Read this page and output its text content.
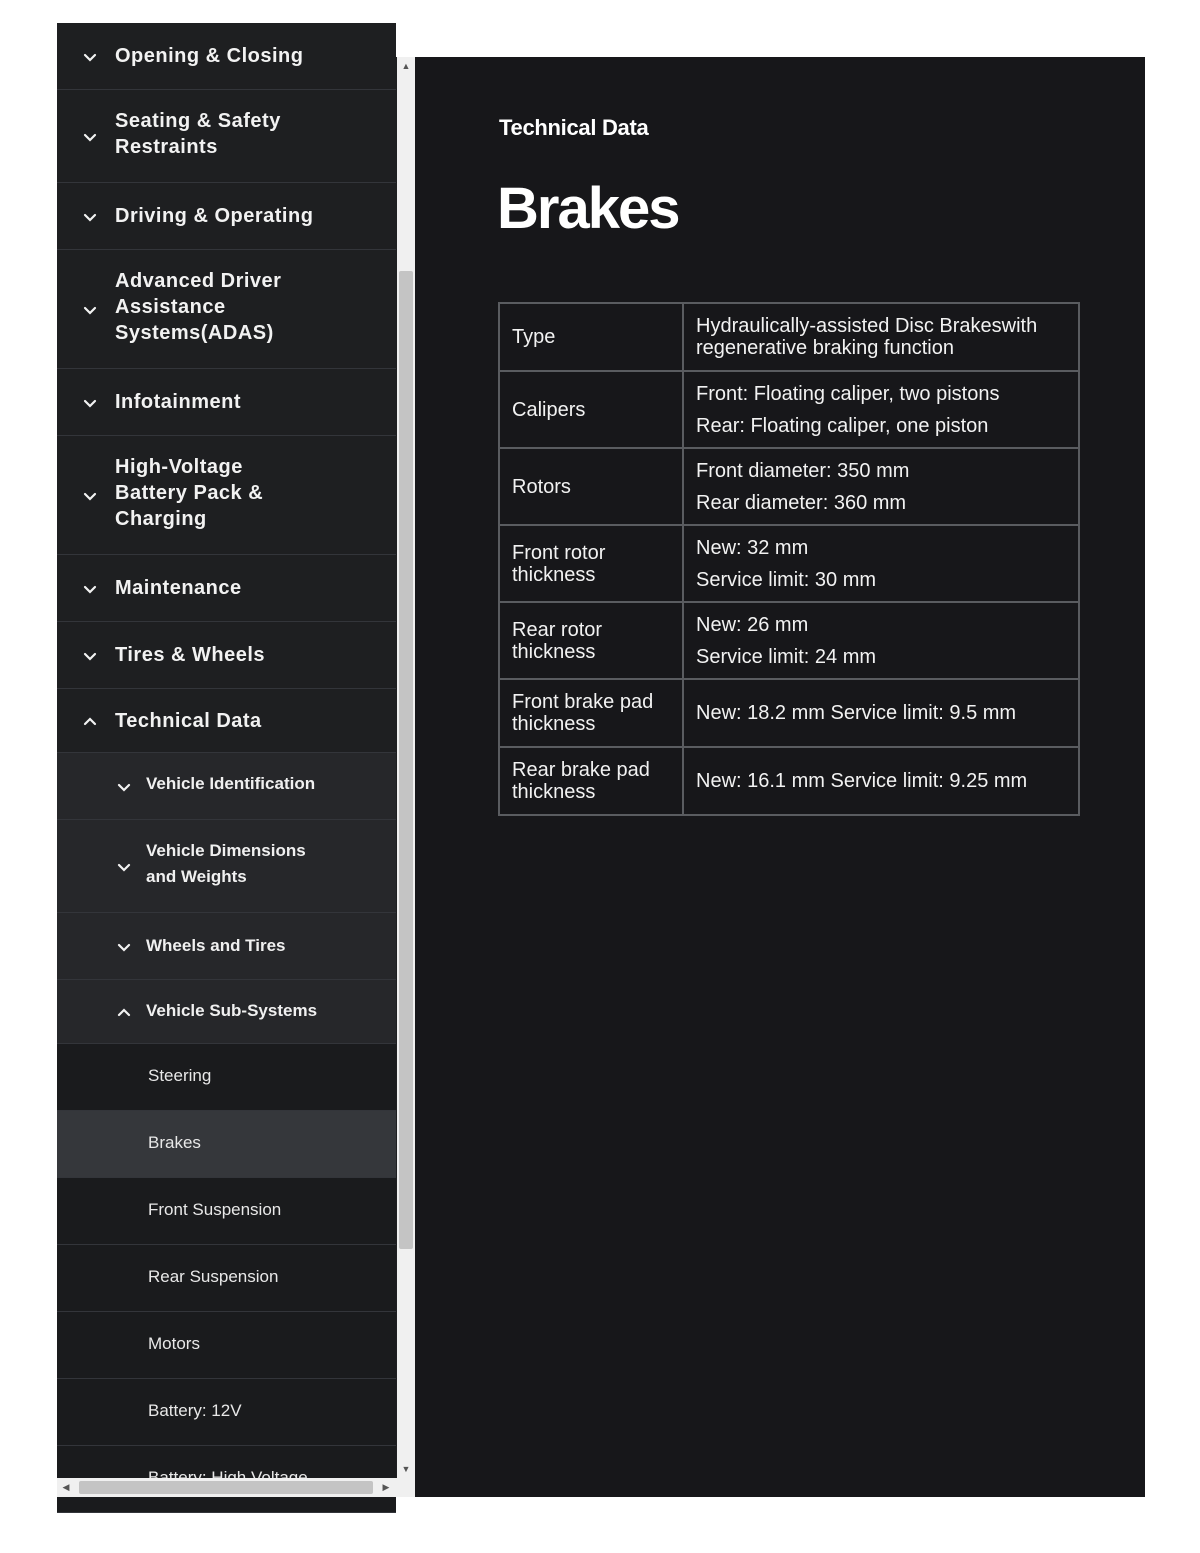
Opening & Closing
Seating & Safety Restraints
Driving & Operating
Advanced Driver Assistance Systems(ADAS)
Infotainment
High-Voltage Battery Pack & Charging
Maintenance
Tires & Wheels
Technical Data
Vehicle Identification
Vehicle Dimensions and Weights
Wheels and Tires
Vehicle Sub-Systems
Steering
Brakes
Front Suspension
Rear Suspension
Motors
Battery: 12V
▲
▼
◀	▶
Technical Data
Brakes
Type	Hydraulically-assisted Disc Brakeswith regenerative braking function

Calipers	Front: Floating caliper, two pistons
Rear: Floating caliper, one piston

Rotors	Front diameter: 350 mm
Rear diameter: 360 mm

Front rotor thickness	New: 32 mm
Service limit: 30 mm

Rear rotor thickness	New: 26 mm
Service limit: 24 mm

Front brake pad thickness	New: 18.2 mm Service limit: 9.5 mm

Rear brake pad thickness	New: 16.1 mm Service limit: 9.25 mm
